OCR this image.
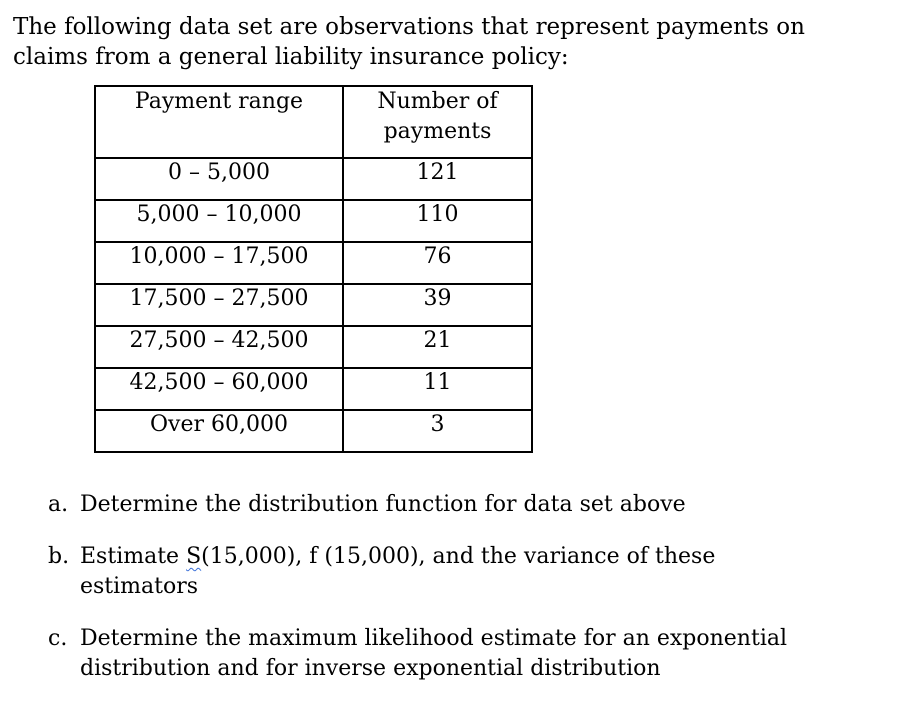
The following data set are observations that represent payments on
claims from a general liability insurance policy:

Payment range	Number of
payments

0 – 5,000	121
5,000 – 10,000	110
10,000 – 17,500	76
17,500 – 27,500	39
27,500 – 42,500	21
42,500 – 60,000	11
Over 60,000	3
a. Determine the distribution function for data set above
b. Estimate S(15,000), f (15,000), and the variance of these
estimators
c. Determine the maximum likelihood estimate for an exponential
distribution and for inverse exponential distribution
